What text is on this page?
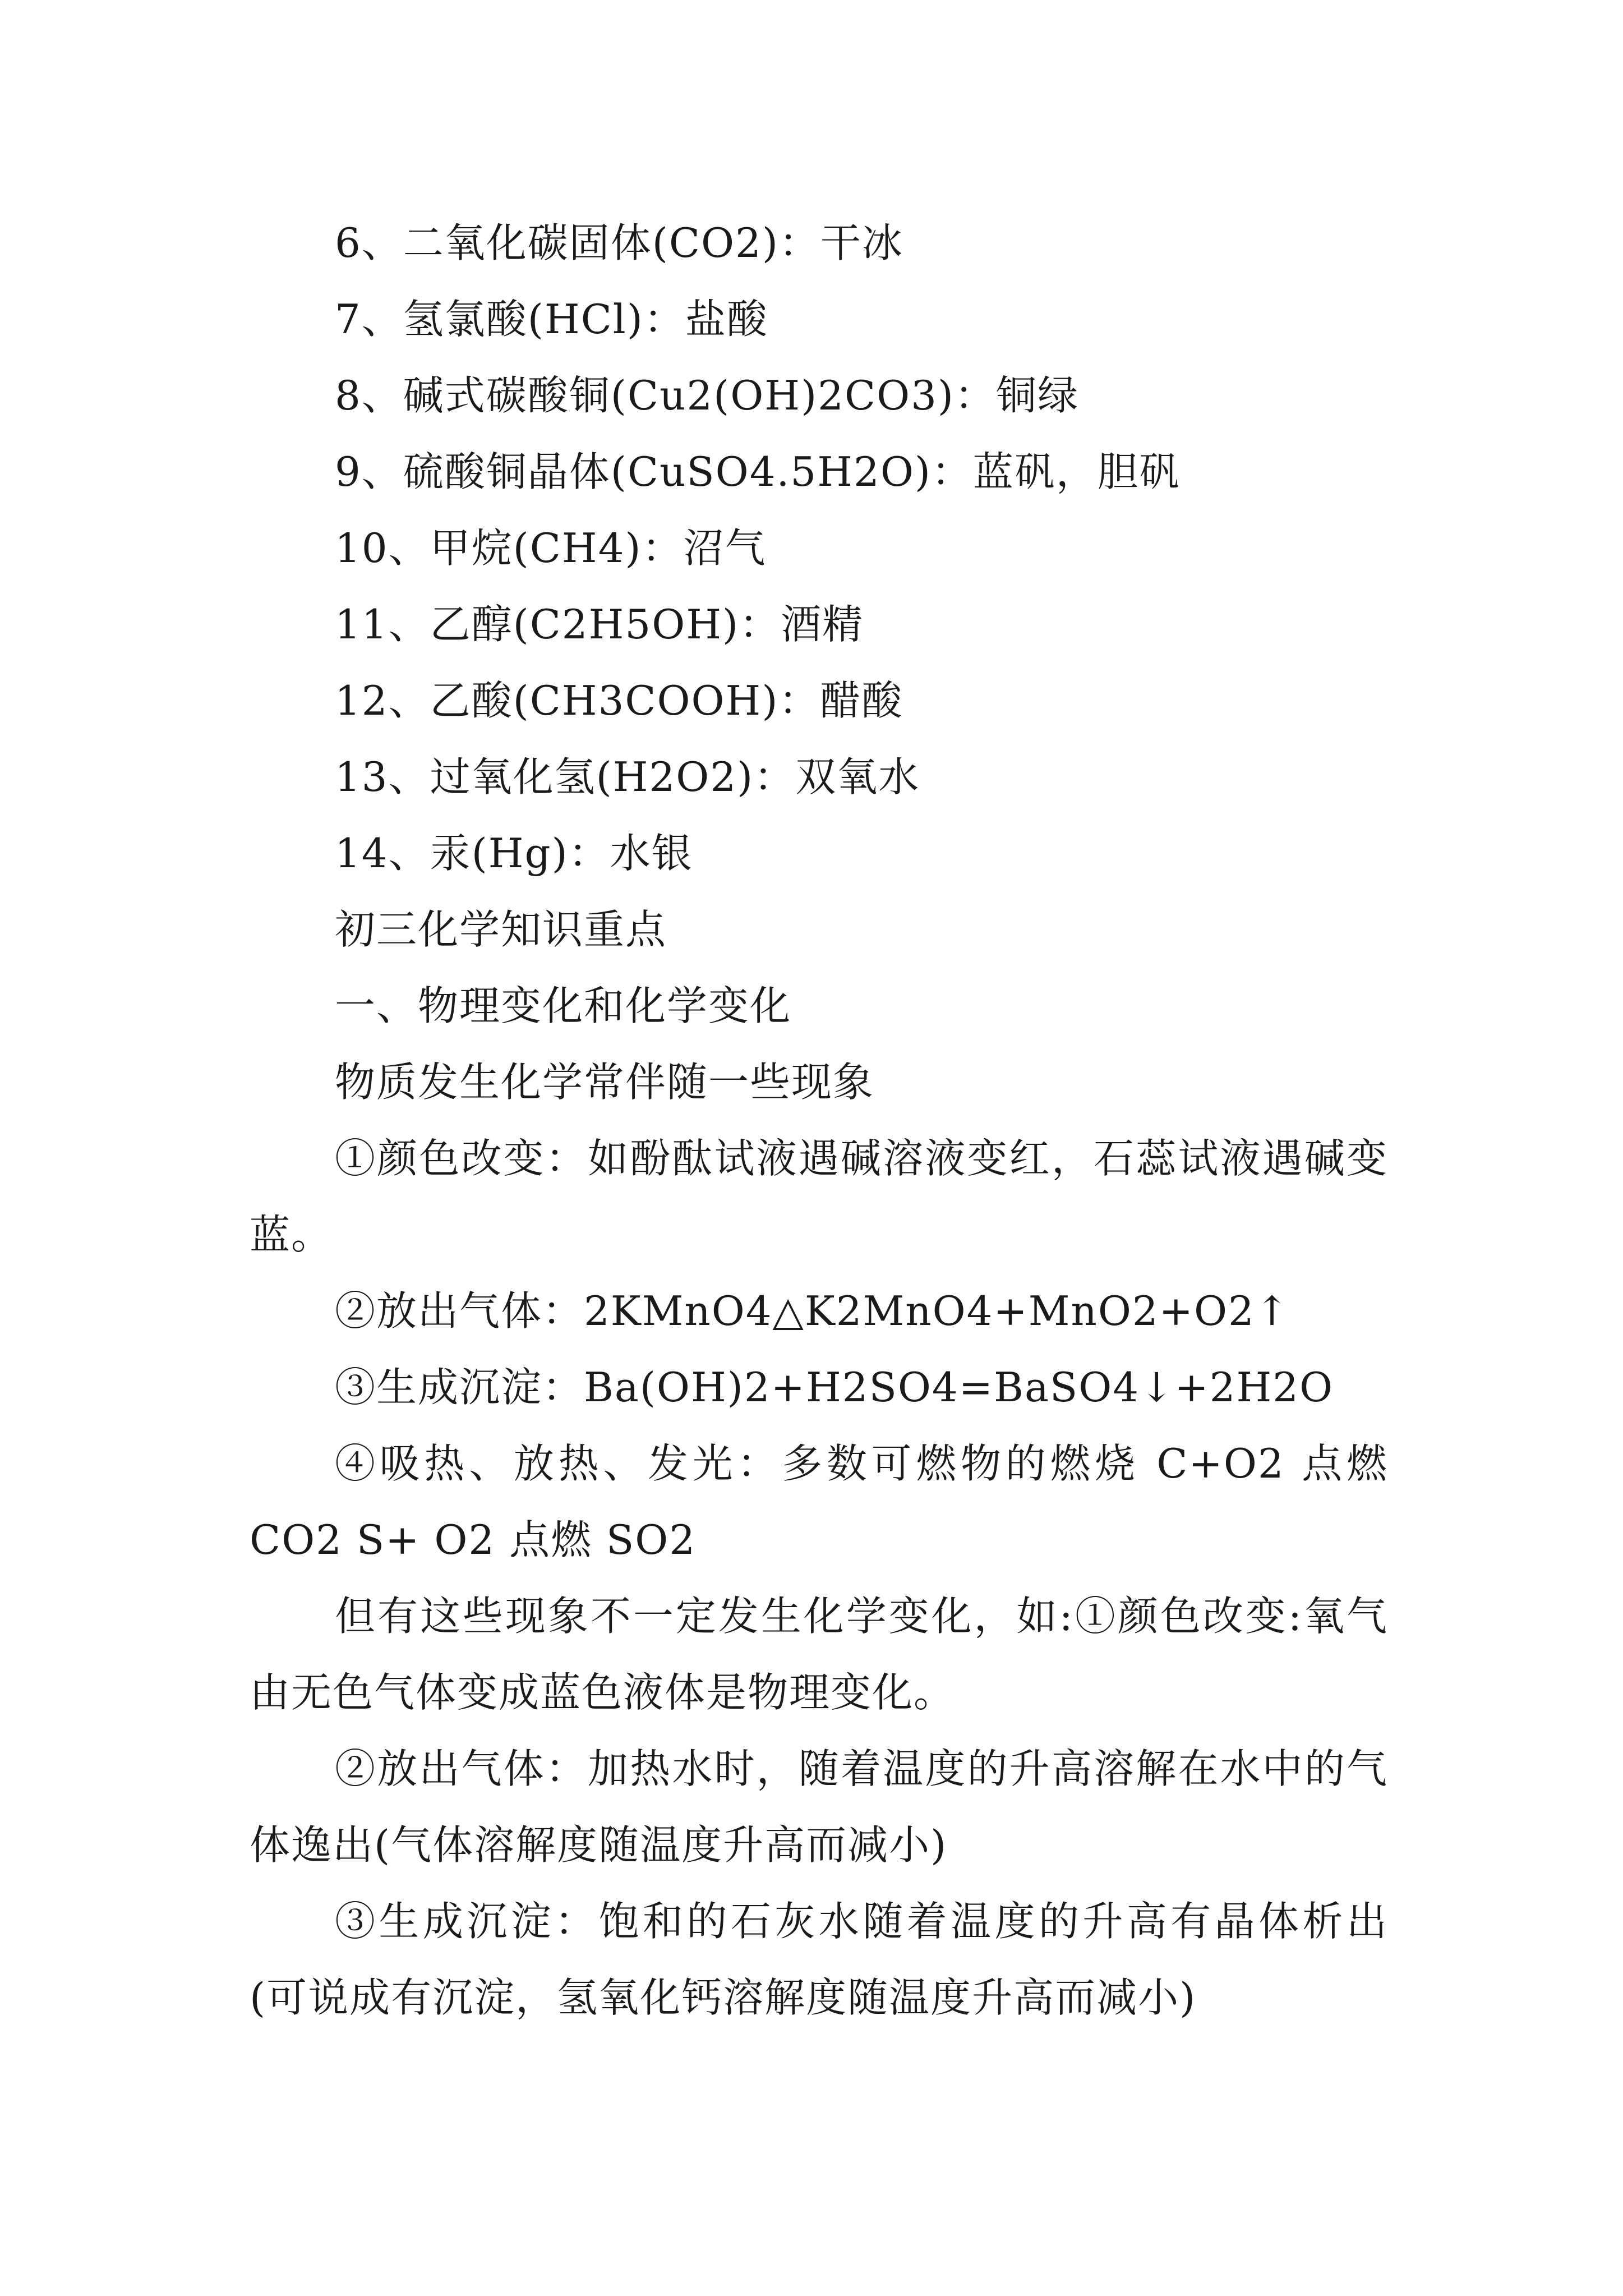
6、二氧化碳固体(CO2)：干冰

7、氢氯酸(HCl)：盐酸

8、碱式碳酸铜(Cu2(OH)2CO3)：铜绿

9、硫酸铜晶体(CuSO4.5H2O)：蓝矾，胆矾

10、甲烷(CH4)：沼气

11、乙醇(C2H5OH)：酒精

12、乙酸(CH3COOH)：醋酸

13、过氧化氢(H2O2)：双氧水

14、汞(Hg)：水银

初三化学知识重点

一、物理变化和化学变化

物质发生化学常伴随一些现象

①颜色改变：如酚酞试液遇碱溶液变红，石蕊试液遇碱变蓝。

②放出气体：2KMnO4△K2MnO4+MnO2+O2↑

③生成沉淀：Ba(OH)2+H2SO4=BaSO4↓+2H2O

④吸热、放热、发光：多数可燃物的燃烧 C+O2 点燃 CO2 S+ O2 点燃 SO2

但有这些现象不一定发生化学变化，如:①颜色改变:氧气由无色气体变成蓝色液体是物理变化。

②放出气体：加热水时，随着温度的升高溶解在水中的气体逸出(气体溶解度随温度升高而减小)

③生成沉淀：饱和的石灰水随着温度的升高有晶体析出(可说成有沉淀，氢氧化钙溶解度随温度升高而减小)
